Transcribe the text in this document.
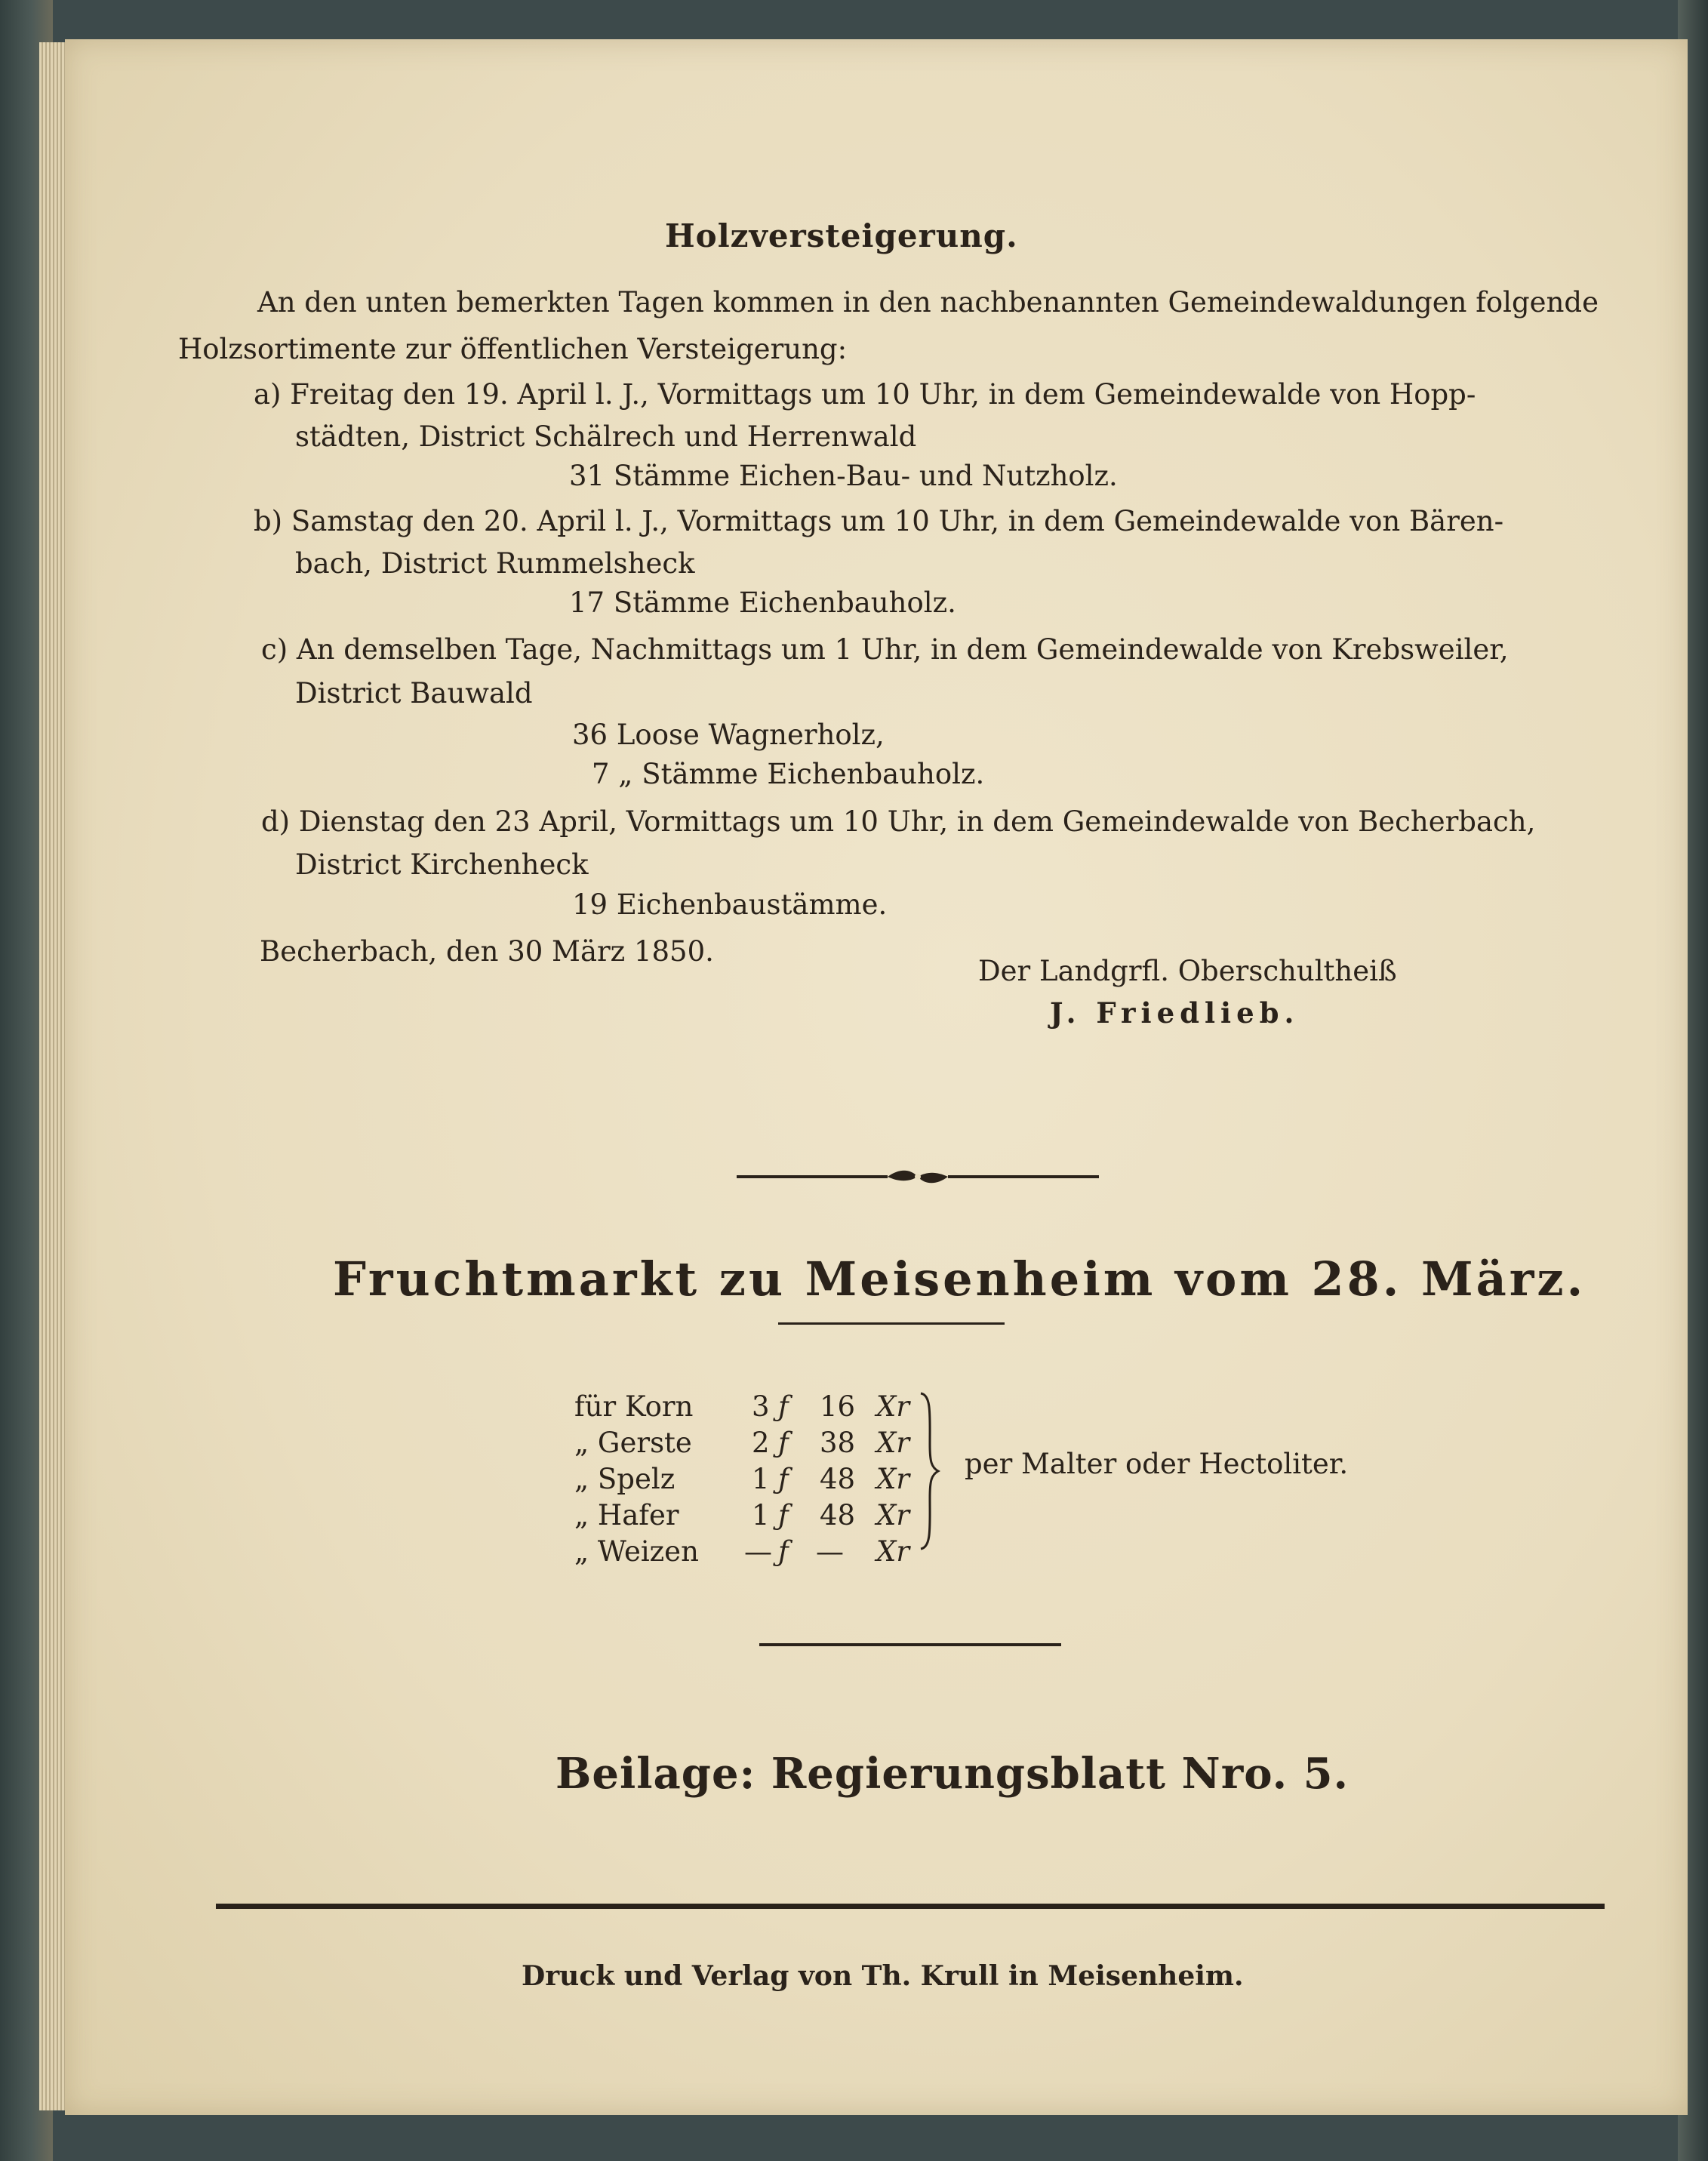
Holzversteigerung.
An den unten bemerkten Tagen kommen in den nachbenannten Gemeindewaldungen folgende
Holzsortimente zur öffentlichen Versteigerung:
a) Freitag den 19. April l. J., Vormittags um 10 Uhr, in dem Gemeindewalde von Hopp-
städten, District Schälrech und Herrenwald
31 Stämme Eichen-Bau- und Nutzholz.
b) Samstag den 20. April l. J., Vormittags um 10 Uhr, in dem Gemeindewalde von Bären-
bach, District Rummelsheck
17 Stämme Eichenbauholz.
c) An demselben Tage, Nachmittags um 1 Uhr, in dem Gemeindewalde von Krebsweiler,
District Bauwald
36 Loose Wagnerholz,
7 „ Stämme Eichenbauholz.
d) Dienstag den 23 April, Vormittags um 10 Uhr, in dem Gemeindewalde von Becherbach,
District Kirchenheck
19 Eichenbaustämme.
Becherbach, den 30 März 1850.
Der Landgrfl. Oberschultheiß
J. Friedlieb.
Fruchtmarkt zu Meisenheim vom 28. März.
für Korn 3 ƒ 16 Xr
„ Gerste 2 ƒ 38 Xr
„ Spelz	1 ƒ 48 Xr
„ Hafer	1 ƒ 48 Xr
„ Weizen — ƒ — Xr
per Malter oder Hectoliter.
Beilage: Regierungsblatt Nro. 5.
Druck und Verlag von Th. Krull in Meisenheim.
